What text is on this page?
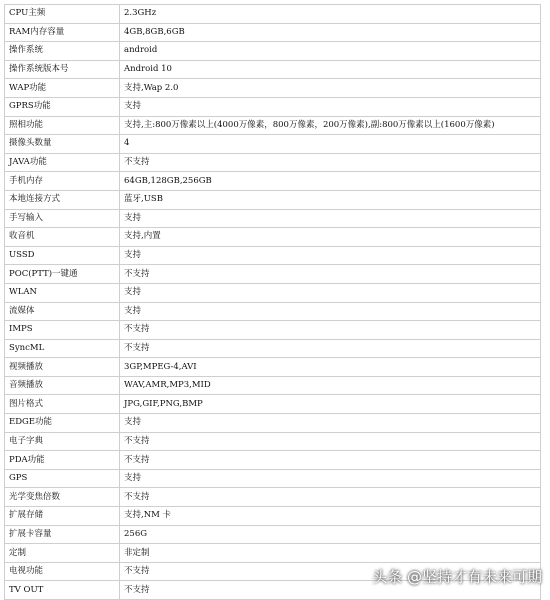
CPU主频	2.3GHz
RAM内存容量	4GB,8GB,6GB
操作系统	android
操作系统版本号	Android 10
WAP功能	支持,Wap 2.0
GPRS功能	支持
照相功能	支持,主:800万像素以上(4000万像素，800万像素，200万像素),副:800万像素以上(1600万像素)
摄像头数量	4
JAVA功能	不支持
手机内存	64GB,128GB,256GB
本地连接方式	蓝牙,USB
手写输入	支持
收音机	支持,内置
USSD	支持
POC(PTT)一键通	不支持
WLAN	支持
流媒体	支持
IMPS	不支持
SyncML	不支持
视频播放	3GP,MPEG-4,AVI
音频播放	WAV,AMR,MP3,MID
图片格式	JPG,GIF,PNG,BMP
EDGE功能	支持
电子字典	不支持
PDA功能	不支持
GPS	支持
光学变焦倍数	不支持
扩展存储	支持,NM 卡
扩展卡容量	256G
定制	非定制
电视功能	不支持
TV OUT	不支持
头条 @坚持才有未来可期
